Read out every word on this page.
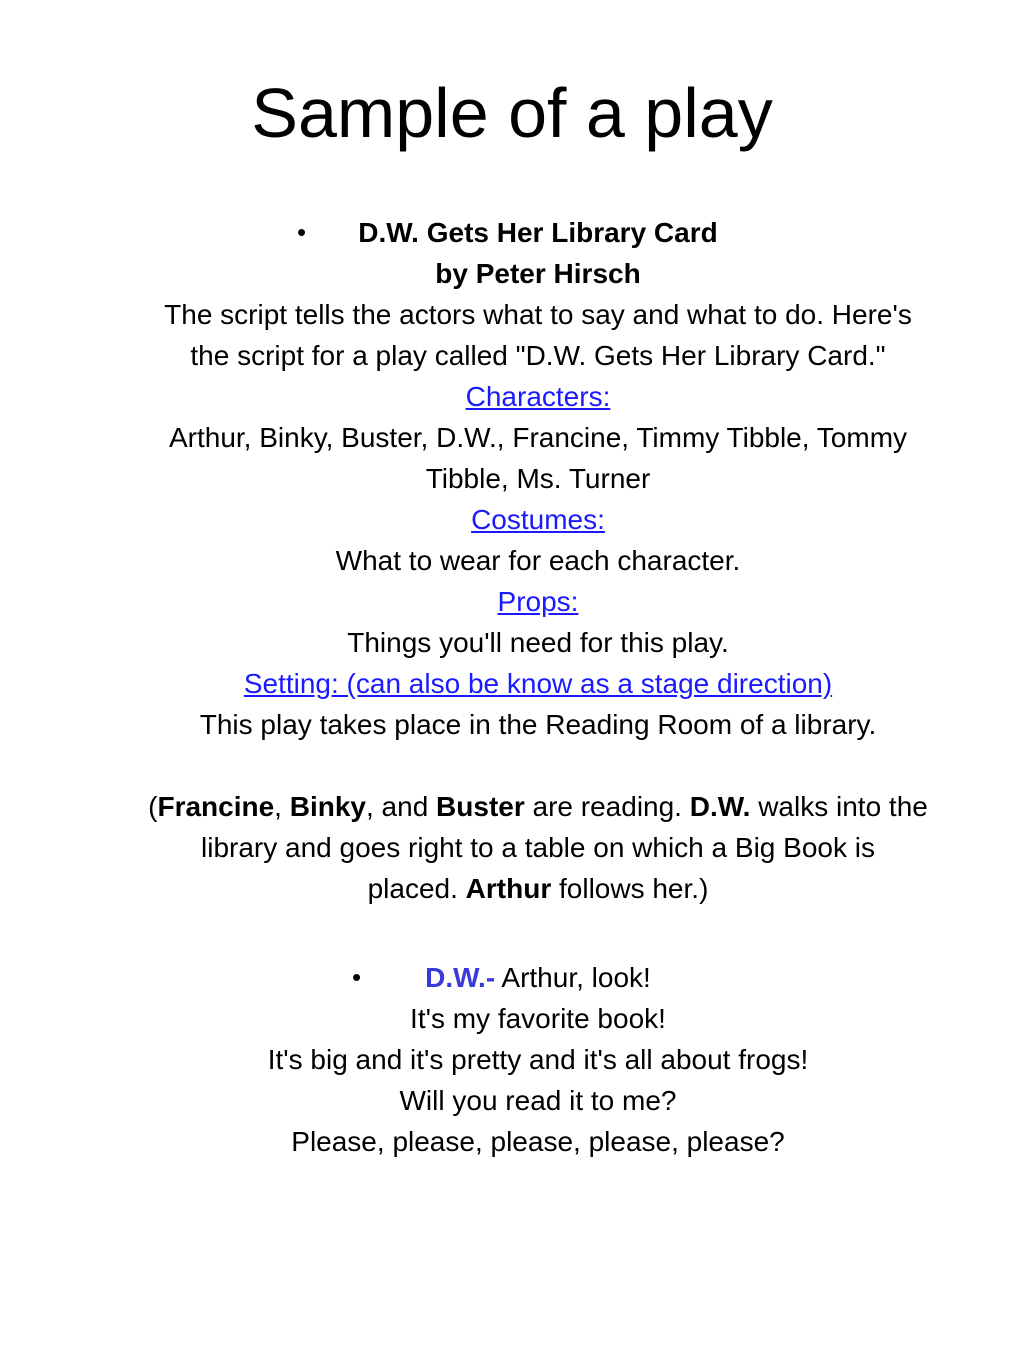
Sample of a play
•	D.W. Gets Her Library Card
by Peter Hirsch
The script tells the actors what to say and what to do. Here's
the script for a play called "D.W. Gets Her Library Card."
Characters:
Arthur, Binky, Buster, D.W., Francine, Timmy Tibble, Tommy
Tibble, Ms. Turner
Costumes:
What to wear for each character.
Props:
Things you'll need for this play.
Setting: (can also be know as a stage direction)
This play takes place in the Reading Room of a library.
(Francine, Binky, and Buster are reading. D.W. walks into the
library and goes right to a table on which a Big Book is
placed. Arthur follows her.)
•	D.W.- Arthur, look!
It's my favorite book!
It's big and it's pretty and it's all about frogs!
Will you read it to me?
Please, please, please, please, please?
